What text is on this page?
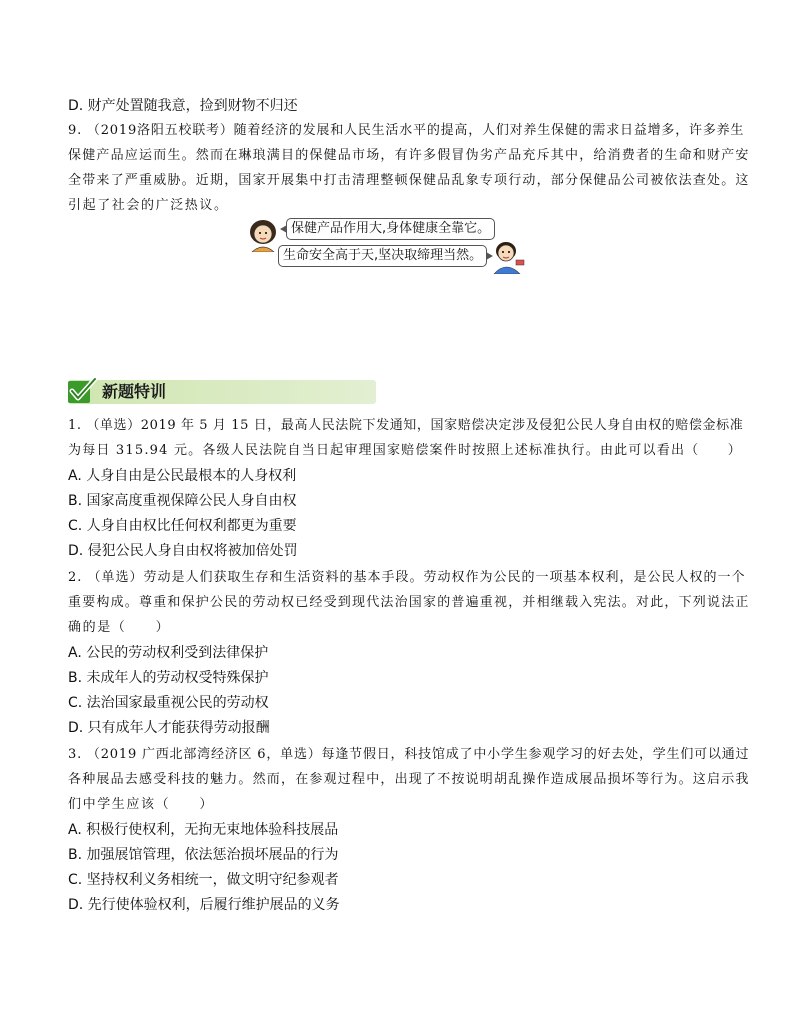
D. 财产处置随我意，捡到财物不归还
9. （2019洛阳五校联考）随着经济的发展和人民生活水平的提高，人们对养生保健的需求日益增多，许多养生
保健产品应运而生。然而在琳琅满目的保健品市场，有许多假冒伪劣产品充斥其中，给消费者的生命和财产安
全带来了严重威胁。近期，国家开展集中打击清理整顿保健品乱象专项行动，部分保健品公司被依法查处。这
引起了社会的广泛热议。
保健产品作用大,身体健康全靠它。
生命安全高于天,坚决取缔理当然。
新题特训
1. （单选）2019 年 5 月 15 日，最高人民法院下发通知，国家赔偿决定涉及侵犯公民人身自由权的赔偿金标准
为每日 315.94 元。各级人民法院自当日起审理国家赔偿案件时按照上述标准执行。由此可以看出（　　）
A. 人身自由是公民最根本的人身权利
B. 国家高度重视保障公民人身自由权
C. 人身自由权比任何权利都更为重要
D. 侵犯公民人身自由权将被加倍处罚
2. （单选）劳动是人们获取生存和生活资料的基本手段。劳动权作为公民的一项基本权利，是公民人权的一个
重要构成。尊重和保护公民的劳动权已经受到现代法治国家的普遍重视，并相继载入宪法。对此，下列说法正
确的是（　　）
A. 公民的劳动权利受到法律保护
B. 未成年人的劳动权受特殊保护
C. 法治国家最重视公民的劳动权
D. 只有成年人才能获得劳动报酬
3. （2019 广西北部湾经济区 6，单选）每逢节假日，科技馆成了中小学生参观学习的好去处，学生们可以通过
各种展品去感受科技的魅力。然而，在参观过程中，出现了不按说明胡乱操作造成展品损坏等行为。这启示我
们中学生应该（　　）
A. 积极行使权利，无拘无束地体验科技展品
B. 加强展馆管理，依法惩治损坏展品的行为
C. 坚持权利义务相统一，做文明守纪参观者
D. 先行使体验权利，后履行维护展品的义务
